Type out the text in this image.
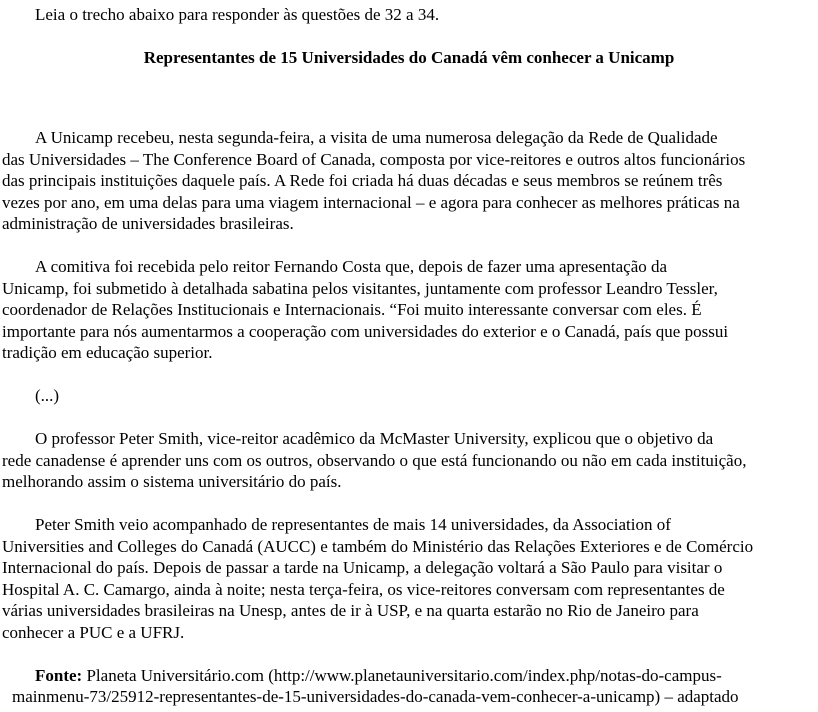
Leia o trecho abaixo para responder às questões de 32 a 34.
Representantes de 15 Universidades do Canadá vêm conhecer a Unicamp
A Unicamp recebeu, nesta segunda-feira, a visita de uma numerosa delegação da Rede de Qualidade
das Universidades – The Conference Board of Canada, composta por vice-reitores e outros altos funcionários
das principais instituições daquele país. A Rede foi criada há duas décadas e seus membros se reúnem três
vezes por ano, em uma delas para uma viagem internacional – e agora para conhecer as melhores práticas na
administração de universidades brasileiras.
A comitiva foi recebida pelo reitor Fernando Costa que, depois de fazer uma apresentação da
Unicamp, foi submetido à detalhada sabatina pelos visitantes, juntamente com professor Leandro Tessler,
coordenador de Relações Institucionais e Internacionais. “Foi muito interessante conversar com eles. É
importante para nós aumentarmos a cooperação com universidades do exterior e o Canadá, país que possui
tradição em educação superior.
(...)
O professor Peter Smith, vice-reitor acadêmico da McMaster University, explicou que o objetivo da
rede canadense é aprender uns com os outros, observando o que está funcionando ou não em cada instituição,
melhorando assim o sistema universitário do país.
Peter Smith veio acompanhado de representantes de mais 14 universidades, da Association of
Universities and Colleges do Canadá (AUCC) e também do Ministério das Relações Exteriores e de Comércio
Internacional do país. Depois de passar a tarde na Unicamp, a delegação voltará a São Paulo para visitar o
Hospital A. C. Camargo, ainda à noite; nesta terça-feira, os vice-reitores conversam com representantes de
várias universidades brasileiras na Unesp, antes de ir à USP, e na quarta estarão no Rio de Janeiro para
conhecer a PUC e a UFRJ.
Fonte: Planeta Universitário.com (http://www.planetauniversitario.com/index.php/notas-do-campus-
mainmenu-73/25912-representantes-de-15-universidades-do-canada-vem-conhecer-a-unicamp) – adaptado
